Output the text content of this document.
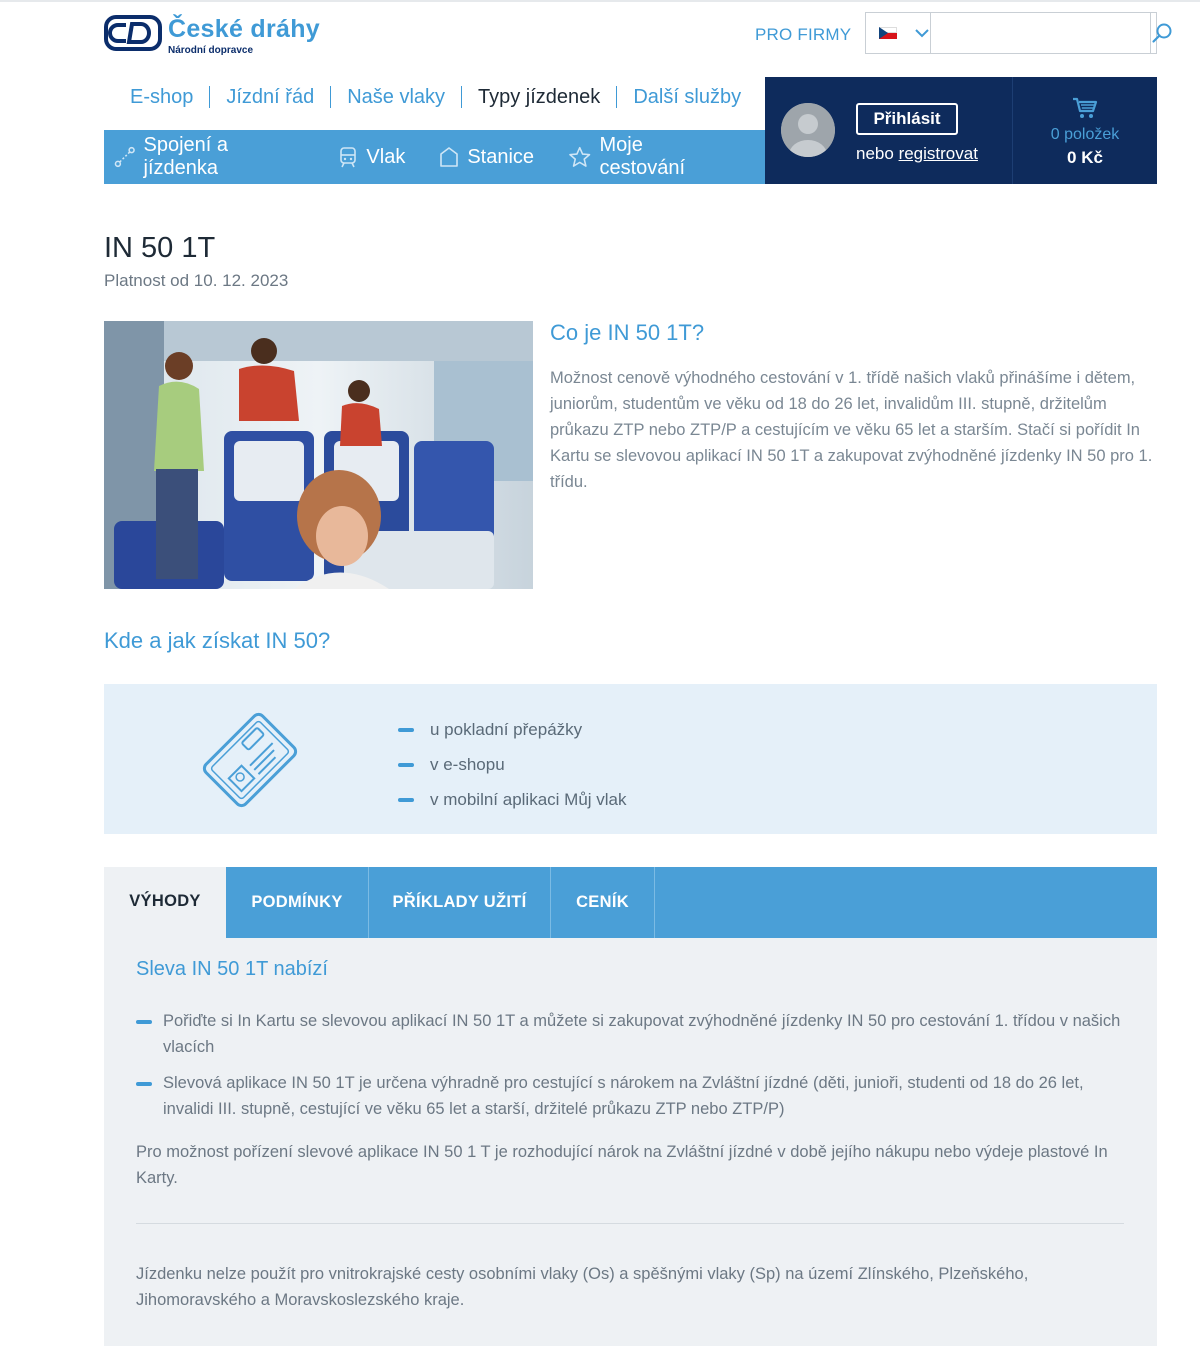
České dráhy
Národní dopravce
PRO FIRMY
E-shop	Jízdní řád	Naše vlaky	Typy jízdenek	Další služby
Spojení a jízdenka
Vlak	Stanice
Moje cestování
Přihlásit
nebo registrovat
0 položek
0 Kč
IN 50 1T
Platnost od 10. 12. 2023
Co je IN 50 1T?

Možnost cenově výhodného cestování v 1. třídě našich vlaků přinášíme i dětem, juniorům, studentům ve věku od 18 do 26 let, invalidům III. stupně, držitelům průkazu ZTP nebo ZTP/P a cestujícím ve věku 65 let a starším. Stačí si pořídit In Kartu se slevovou aplikací IN 50 1T a zakupovat zvýhodněné jízdenky IN 50 pro 1. třídu.

Kde a jak získat IN 50?
u pokladní přepážky
v e-shopu
v mobilní aplikaci Můj vlak
VÝHODY	PODMÍNKY	PŘÍKLADY UŽITÍ	CENÍK
Sleva IN 50 1T nabízí
Pořiďte si In Kartu se slevovou aplikací IN 50 1T a můžete si zakupovat zvýhodněné jízdenky IN 50 pro cestování 1. třídou v našich vlacích
Slevová aplikace IN 50 1T je určena výhradně pro cestující s nárokem na Zvláštní jízdné (děti, junioři, studenti od 18 do 26 let, invalidi III. stupně, cestující ve věku 65 let a starší, držitelé průkazu ZTP nebo ZTP/P)

Pro možnost pořízení slevové aplikace IN 50 1 T je rozhodující nárok na Zvláštní jízdné v době jejího nákupu nebo výdeje plastové In Karty.

Jízdenku nelze použít pro vnitrokrajské cesty osobními vlaky (Os) a spěšnými vlaky (Sp) na území Zlínského, Plzeňského, Jihomoravského a Moravskoslezského kraje.
